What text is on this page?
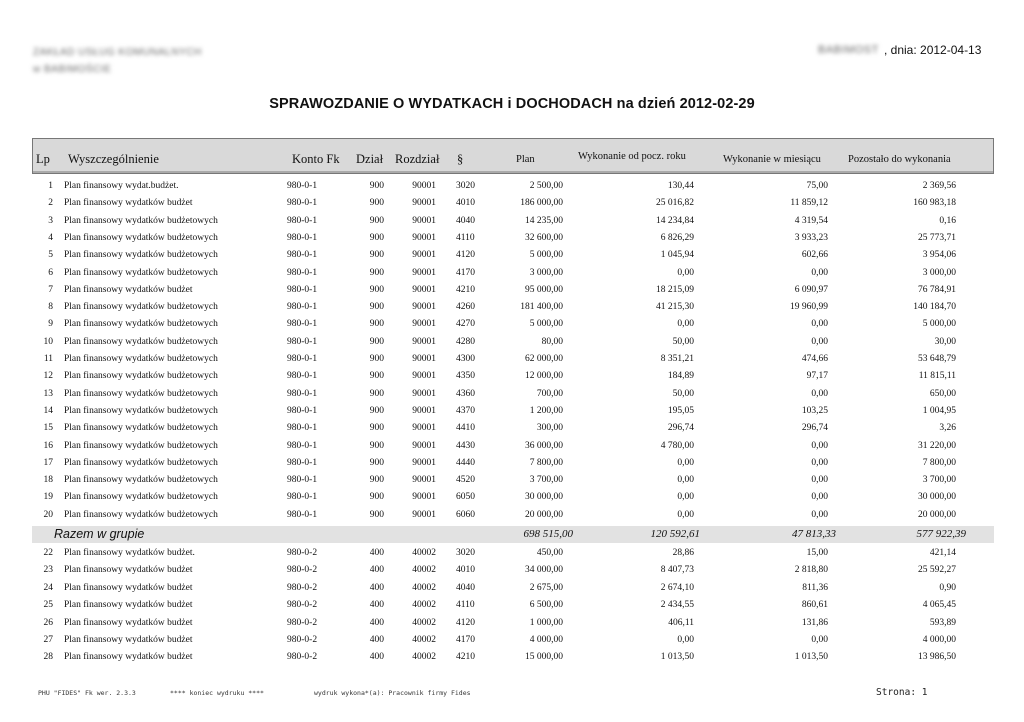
ZAKŁAD USŁUG KOMUNALNYCH
w BABIMOŚCIE
BABIMOST , dnia: 2012-04-13
SPRAWOZDANIE O WYDATKACH i DOCHODACH na dzień 2012-02-29
Lp Wyszczególnienie	Konto Fk Dział Rozdział §	Plan	Wykonanie od pocz. roku	Wykonanie w miesiącu	Pozostało do wykonania
1 Plan finansowy wydat.budżet.	980-0-1	900	90001 3020	2 500,00	130,44	75,00	2 369,56
2 Plan finansowy wydatków budżet	980-0-1	900	90001 4010	186 000,00	25 016,82	11 859,12	160 983,18
3 Plan finansowy wydatków budżetowych	980-0-1	900	90001 4040	14 235,00	14 234,84	4 319,54	0,16
4 Plan finansowy wydatków budżetowych	980-0-1	900	90001 4110	32 600,00	6 826,29	3 933,23	25 773,71
5 Plan finansowy wydatków budżetowych	980-0-1	900	90001 4120	5 000,00	1 045,94	602,66	3 954,06
6 Plan finansowy wydatków budżetowych	980-0-1	900	90001 4170	3 000,00	0,00	0,00	3 000,00
7 Plan finansowy wydatków budżet	980-0-1	900	90001 4210	95 000,00	18 215,09	6 090,97	76 784,91
8 Plan finansowy wydatków budżetowych	980-0-1	900	90001 4260	181 400,00	41 215,30	19 960,99	140 184,70
9 Plan finansowy wydatków budżetowych	980-0-1	900	90001 4270	5 000,00	0,00	0,00	5 000,00
10 Plan finansowy wydatków budżetowych	980-0-1	900	90001 4280	80,00	50,00	0,00	30,00
11 Plan finansowy wydatków budżetowych	980-0-1	900	90001 4300	62 000,00	8 351,21	474,66	53 648,79
12 Plan finansowy wydatków budżetowych	980-0-1	900	90001 4350	12 000,00	184,89	97,17	11 815,11
13 Plan finansowy wydatków budżetowych	980-0-1	900	90001 4360	700,00	50,00	0,00	650,00
14 Plan finansowy wydatków budżetowych	980-0-1	900	90001 4370	1 200,00	195,05	103,25	1 004,95
15 Plan finansowy wydatków budżetowych	980-0-1	900	90001 4410	300,00	296,74	296,74	3,26
16 Plan finansowy wydatków budżetowych	980-0-1	900	90001 4430	36 000,00	4 780,00	0,00	31 220,00
17 Plan finansowy wydatków budżetowych	980-0-1	900	90001 4440	7 800,00	0,00	0,00	7 800,00
18 Plan finansowy wydatków budżetowych	980-0-1	900	90001 4520	3 700,00	0,00	0,00	3 700,00
19 Plan finansowy wydatków budżetowych	980-0-1	900	90001 6050	30 000,00	0,00	0,00	30 000,00
20 Plan finansowy wydatków budżetowych	980-0-1	900	90001 6060	20 000,00	0,00	0,00	20 000,00
Razem w grupie	698 515,00	120 592,61	47 813,33	577 922,39
22 Plan finansowy wydatków budżet.	980-0-2	400	40002 3020	450,00	28,86	15,00	421,14
23 Plan finansowy wydatków budżet	980-0-2	400	40002 4010	34 000,00	8 407,73	2 818,80	25 592,27
24 Plan finansowy wydatków budżet	980-0-2	400	40002 4040	2 675,00	2 674,10	811,36	0,90
25 Plan finansowy wydatków budżet	980-0-2	400	40002 4110	6 500,00	2 434,55	860,61	4 065,45
26 Plan finansowy wydatków budżet	980-0-2	400	40002 4120	1 000,00	406,11	131,86	593,89
27 Plan finansowy wydatków budżet	980-0-2	400	40002 4170	4 000,00	0,00	0,00	4 000,00
28 Plan finansowy wydatków budżet	980-0-2	400	40002 4210	15 000,00	1 013,50	1 013,50	13 986,50
PHU "FIDES" Fk wer. 2.3.3	**** koniec wydruku ****	wydruk wykona*(a): Pracownik firmy Fides	Strona: 1
